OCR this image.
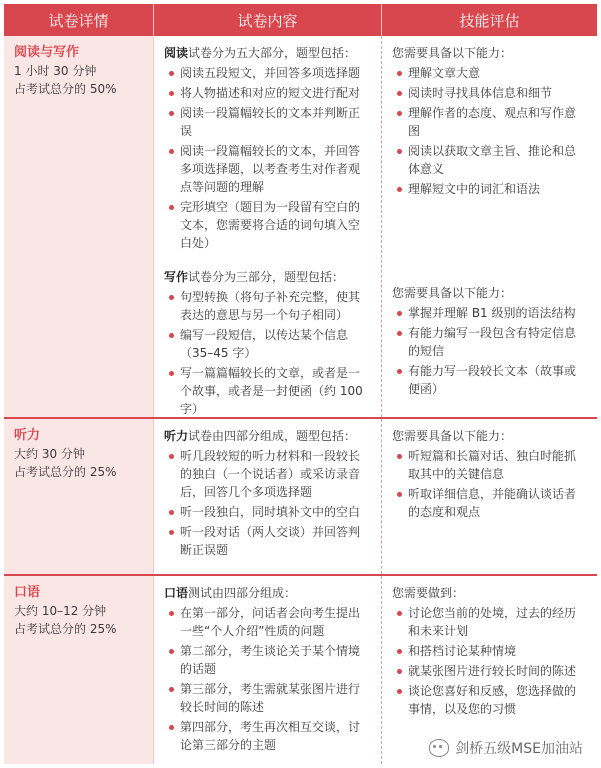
试卷详情	试卷内容	技能评估
阅读与写作
1 小时 30 分钟
占考试总分的 50%
阅读试卷分为五大部分，题型包括：
阅读五段短文，并回答多项选择题
将人物描述和对应的短文进行配对
阅读一段篇幅较长的文本并判断正误
阅读一段篇幅较长的文本，并回答多项选择题，以考查考生对作者观点等问题的理解
完形填空（题目为一段留有空白的文本，您需要将合适的词句填入空白处）
写作试卷分为三部分，题型包括：
句型转换（将句子补充完整，使其表达的意思与另一个句子相同）
编写一段短信，以传达某个信息（35–45 字）
写一篇篇幅较长的文章，或者是一个故事，或者是一封便函（约 100 字）
您需要具备以下能力：
理解文章大意
阅读时寻找具体信息和细节
理解作者的态度、观点和写作意图
阅读以获取文章主旨、推论和总体意义
理解短文中的词汇和语法
您需要具备以下能力：
掌握并理解 B1 级别的语法结构
有能力编写一段包含有特定信息的短信
有能力写一段较长文本（故事或便函）
听力
大约 30 分钟
占考试总分的 25%
听力试卷由四部分组成，题型包括：
听几段较短的听力材料和一段较长的独白（一个说话者）或采访录音后，回答几个多项选择题
听一段独白，同时填补文中的空白
听一段对话（两人交谈）并回答判断正误题
您需要具备以下能力：
听短篇和长篇对话、独白时能抓取其中的关键信息
听取详细信息，并能确认谈话者的态度和观点
口语
大约 10–12 分钟
占考试总分的 25%
口语测试由四部分组成：
在第一部分，问话者会向考生提出一些“个人介绍”性质的问题
第二部分，考生谈论关于某个情境的话题
第三部分，考生需就某张图片进行较长时间的陈述
第四部分，考生再次相互交谈，讨论第三部分的主题
您需要做到：
讨论您当前的处境，过去的经历和未来计划
和搭档讨论某种情境
就某张图片进行较长时间的陈述
谈论您喜好和反感，您选择做的事情，以及您的习惯
剑桥五级MSE加油站
